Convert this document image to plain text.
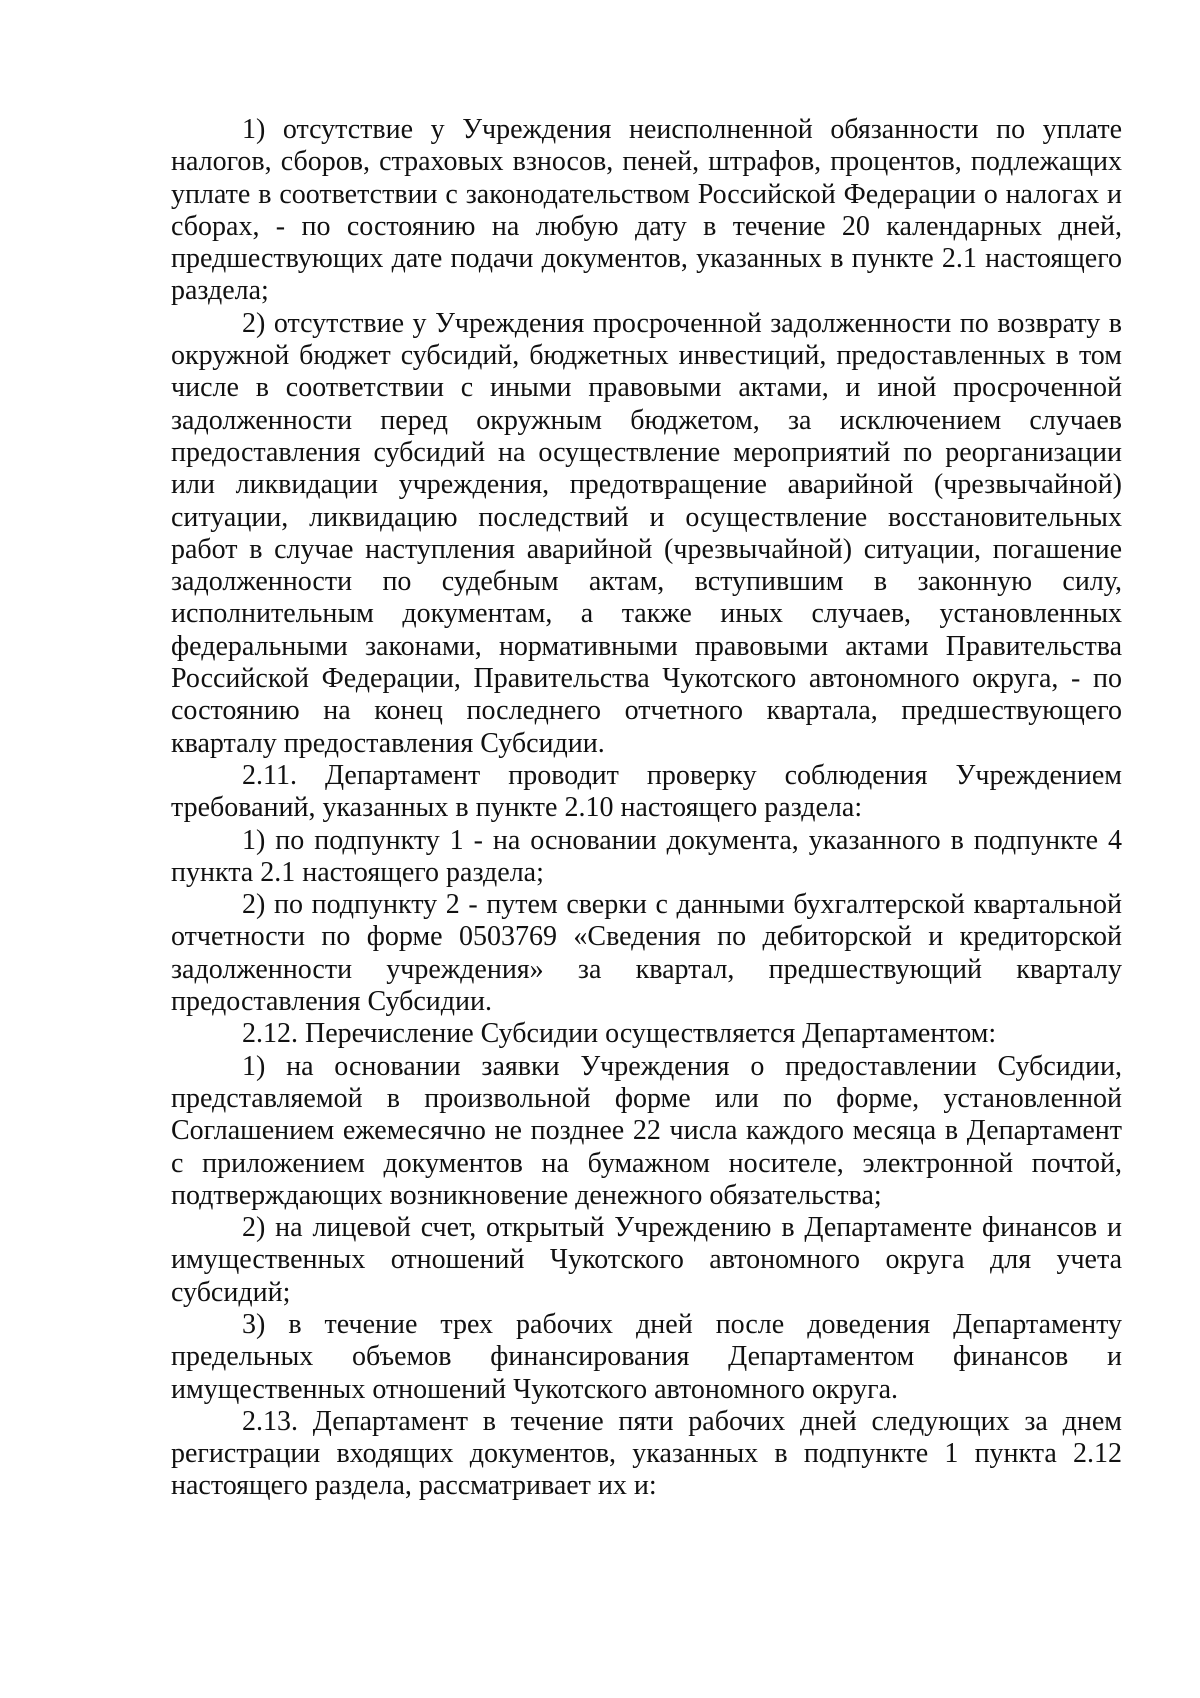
1) отсутствие у Учреждения неисполненной обязанности по уплате налогов, сборов, страховых взносов, пеней, штрафов, процентов, подлежащих уплате в соответствии с законодательством Российской Федерации о налогах и сборах, - по состоянию на любую дату в течение 20 календарных дней, предшествующих дате подачи документов, указанных в пункте 2.1 настоящего раздела;

2) отсутствие у Учреждения просроченной задолженности по возврату в окружной бюджет субсидий, бюджетных инвестиций, предоставленных в том числе в соответствии с иными правовыми актами, и иной просроченной задолженности перед окружным бюджетом, за исключением случаев предоставления субсидий на осуществление мероприятий по реорганизации или ликвидации учреждения, предотвращение аварийной (чрезвычайной) ситуации, ликвидацию последствий и осуществление восстановительных работ в случае наступления аварийной (чрезвычайной) ситуации, погашение задолженности по судебным актам, вступившим в законную силу, исполнительным документам, а также иных случаев, установленных федеральными законами, нормативными правовыми актами Правительства Российской Федерации, Правительства Чукотского автономного округа, - по состоянию на конец последнего отчетного квартала, предшествующего кварталу предоставления Субсидии.

2.11. Департамент проводит проверку соблюдения Учреждением требований, указанных в пункте 2.10 настоящего раздела:

1) по подпункту 1 - на основании документа, указанного в подпункте 4 пункта 2.1 настоящего раздела;

2) по подпункту 2 - путем сверки с данными бухгалтерской квартальной отчетности по форме 0503769 «Сведения по дебиторской и кредиторской задолженности учреждения» за квартал, предшествующий кварталу предоставления Субсидии.

2.12. Перечисление Субсидии осуществляется Департаментом:

1) на основании заявки Учреждения о предоставлении Субсидии, представляемой в произвольной форме или по форме, установленной Соглашением ежемесячно не позднее 22 числа каждого месяца в Департамент с приложением документов на бумажном носителе, электронной почтой, подтверждающих возникновение денежного обязательства;

2) на лицевой счет, открытый Учреждению в Департаменте финансов и имущественных отношений Чукотского автономного округа для учета субсидий;

3) в течение трех рабочих дней после доведения Департаменту предельных объемов финансирования Департаментом финансов и имущественных отношений Чукотского автономного округа.

2.13. Департамент в течение пяти рабочих дней следующих за днем регистрации входящих документов, указанных в подпункте 1 пункта 2.12 настоящего раздела, рассматривает их и:
